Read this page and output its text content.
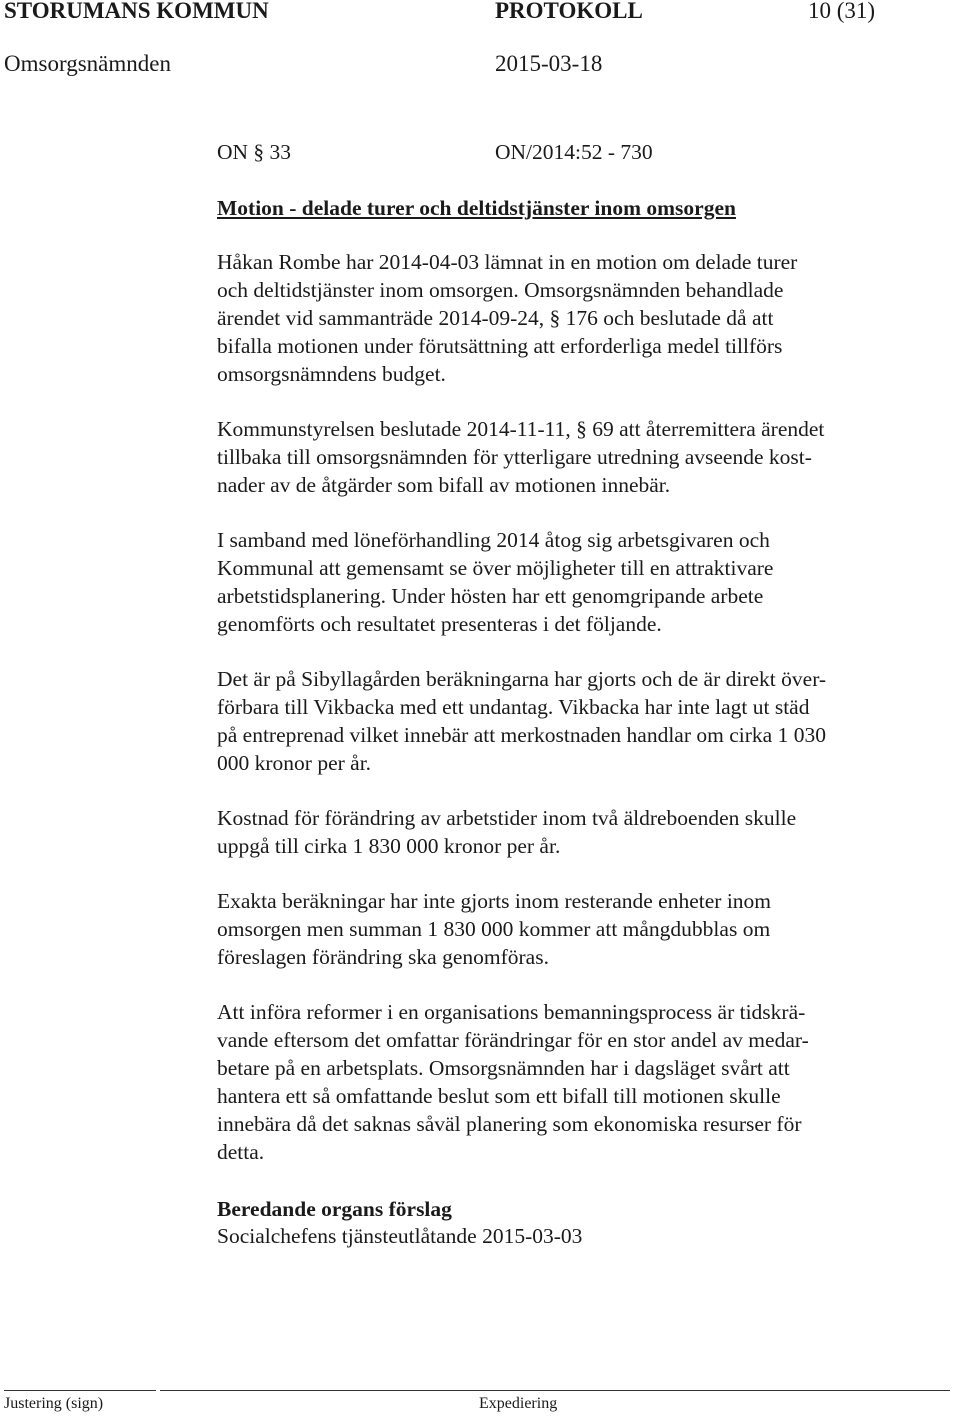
STORUMANS KOMMUN	PROTOKOLL	10 (31)
Omsorgsnämnden	2015-03-18
ON § 33	ON/2014:52 - 730
Motion - delade turer och deltidstjänster inom omsorgen
Håkan Rombe har 2014-04-03 lämnat in en motion om delade turer
och deltidstjänster inom omsorgen. Omsorgsnämnden behandlade
ärendet vid sammanträde 2014-09-24, § 176 och beslutade då att
bifalla motionen under förutsättning att erforderliga medel tillförs
omsorgsnämndens budget.
Kommunstyrelsen beslutade 2014-11-11, § 69 att återremittera ärendet
tillbaka till omsorgsnämnden för ytterligare utredning avseende kost-
nader av de åtgärder som bifall av motionen innebär.
I samband med löneförhandling 2014 åtog sig arbetsgivaren och
Kommunal att gemensamt se över möjligheter till en attraktivare
arbetstidsplanering. Under hösten har ett genomgripande arbete
genomförts och resultatet presenteras i det följande.
Det är på Sibyllagården beräkningarna har gjorts och de är direkt över-
förbara till Vikbacka med ett undantag. Vikbacka har inte lagt ut städ
på entreprenad vilket innebär att merkostnaden handlar om cirka 1 030
000 kronor per år.
Kostnad för förändring av arbetstider inom två äldreboenden skulle
uppgå till cirka 1 830 000 kronor per år.
Exakta beräkningar har inte gjorts inom resterande enheter inom
omsorgen men summan 1 830 000 kommer att mångdubblas om
föreslagen förändring ska genomföras.
Att införa reformer i en organisations bemanningsprocess är tidskrä-
vande eftersom det omfattar förändringar för en stor andel av medar-
betare på en arbetsplats. Omsorgsnämnden har i dagsläget svårt att
hantera ett så omfattande beslut som ett bifall till motionen skulle
innebära då det saknas såväl planering som ekonomiska resurser för
detta.
Beredande organs förslag
Socialchefens tjänsteutlåtande 2015-03-03
Justering (sign)	Expediering
